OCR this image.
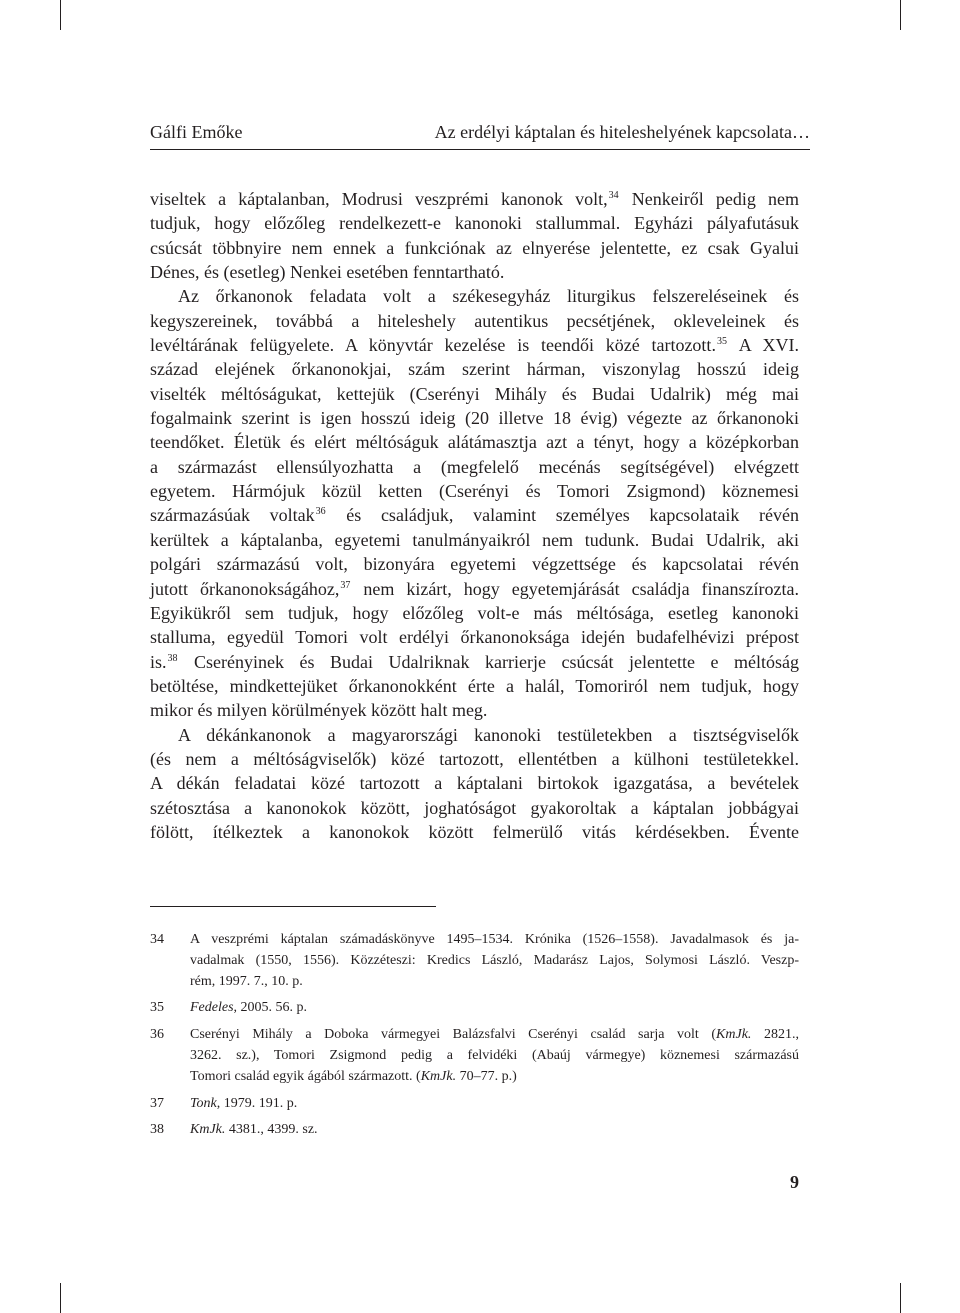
Gálfi Emőke	Az erdélyi káptalan és hiteleshelyének kapcsolata…
viseltek a káptalanban, Modrusi veszprémi kanonok volt,$^{34}$ Nenkeiről pedig nem
tudjuk, hogy előzőleg rendelkezett-e kanonoki stallummal. Egyházi pályafutásuk
csúcsát többnyire nem ennek a funkciónak az elnyerése jelentette, ez csak Gyalui
Dénes, és (esetleg) Nenkei esetében fenntartható.
Az őrkanonok feladata volt a székesegyház liturgikus felszereléseinek és
kegyszereinek, továbbá a hiteleshely autentikus pecsétjének, okleveleinek és
levéltárának felügyelete. A könyvtár kezelése is teendői közé tartozott.$^{35}$ A XVI.
század elejének őrkanonokjai, szám szerint hárman, viszonylag hosszú ideig
viselték méltóságukat, kettejük (Cserényi Mihály és Budai Udalrik) még mai
fogalmaink szerint is igen hosszú ideig (20 illetve 18 évig) végezte az őrkanonoki
teendőket. Életük és elért méltóságuk alátámasztja azt a tényt, hogy a középkorban
a származást ellensúlyozhatta a (megfelelő mecénás segítségével) elvégzett
egyetem. Hármójuk közül ketten (Cserényi és Tomori Zsigmond) köznemesi
származásúak voltak$^{36}$ és családjuk, valamint személyes kapcsolataik révén
kerültek a káptalanba, egyetemi tanulmányaikról nem tudunk. Budai Udalrik, aki
polgári származású volt, bizonyára egyetemi végzettsége és kapcsolatai révén
jutott őrkanonokságához,$^{37}$ nem kizárt, hogy egyetemjárását családja finanszírozta.
Egyikükről sem tudjuk, hogy előzőleg volt-e más méltósága, esetleg kanonoki
stalluma, egyedül Tomori volt erdélyi őrkanonoksága idején budafelhévizi prépost
is.$^{38}$ Cserényinek és Budai Udalriknak karrierje csúcsát jelentette e méltóság
betöltése, mindkettejüket őrkanonokként érte a halál, Tomoriról nem tudjuk, hogy
mikor és milyen körülmények között halt meg.
A dékánkanonok a magyarországi kanonoki testületekben a tisztségviselők
(és nem a méltóságviselők) közé tartozott, ellentétben a külhoni testületekkel.
A dékán feladatai közé tartozott a káptalani birtokok igazgatása, a bevételek
szétosztása a kanonokok között, joghatóságot gyakoroltak a káptalan jobbágyai
fölött, ítélkeztek a kanonokok között felmerülő vitás kérdésekben. Évente
34 A veszprémi káptalan számadáskönyve 1495–1534. Krónika (1526–1558). Javadalmasok és ja-
vadalmak (1550, 1556). Közzéteszi: Kredics László, Madarász Lajos, Solymosi László. Veszp-
rém, 1997. 7., 10. p.
35 Fedeles, 2005. 56. p.
36 Cserényi Mihály a Doboka vármegyei Balázsfalvi Cserényi család sarja volt (KmJk. 2821.,
3262. sz.), Tomori Zsigmond pedig a felvidéki (Abaúj vármegye) köznemesi származású
Tomori család egyik ágából származott. (KmJk. 70–77. p.)
37 Tonk, 1979. 191. p.
38 KmJk. 4381., 4399. sz.
9
